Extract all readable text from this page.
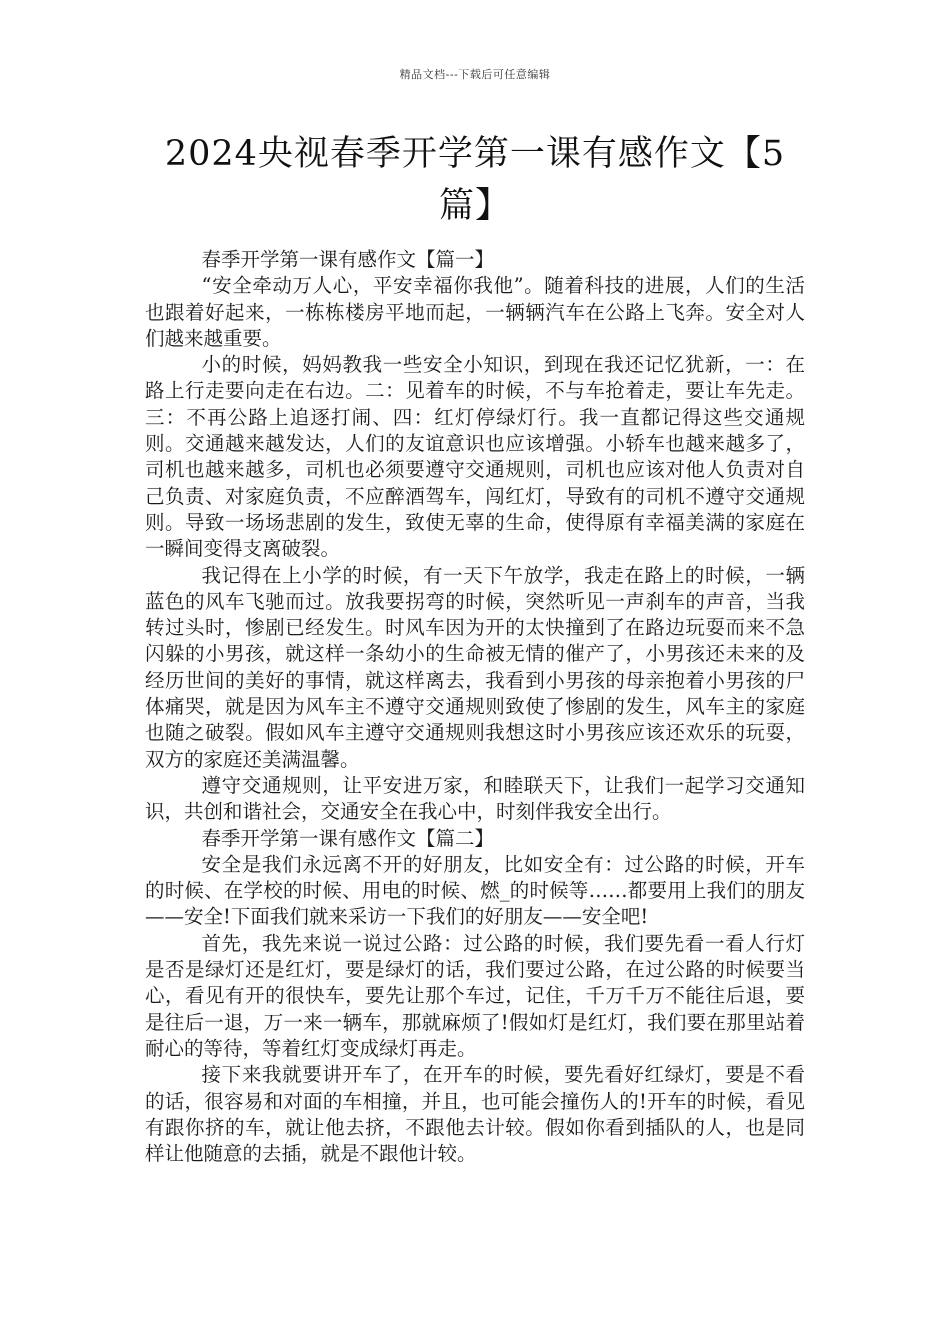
精品文档---下载后可任意编辑
2024央视春季开学第一课有感作文【5篇】

春季开学第一课有感作文【篇一】

“安全牵动万人心，平安幸福你我他”。随着科技的进展，人们的生活也跟着好起来，一栋栋楼房平地而起，一辆辆汽车在公路上飞奔。安全对人们越来越重要。

小的时候，妈妈教我一些安全小知识，到现在我还记忆犹新，一：在路上行走要向走在右边。二：见着车的时候，不与车抢着走，要让车先走。三：不再公路上追逐打闹、四：红灯停绿灯行。我一直都记得这些交通规则。交通越来越发达，人们的友谊意识也应该增强。小轿车也越来越多了，司机也越来越多，司机也必须要遵守交通规则，司机也应该对他人负责对自己负责、对家庭负责，不应醉酒驾车，闯红灯，导致有的司机不遵守交通规则。导致一场场悲剧的发生，致使无辜的生命，使得原有幸福美满的家庭在一瞬间变得支离破裂。

我记得在上小学的时候，有一天下午放学，我走在路上的时候，一辆蓝色的风车飞驰而过。放我要拐弯的时候，突然听见一声刹车的声音，当我转过头时，惨剧已经发生。时风车因为开的太快撞到了在路边玩耍而来不急闪躲的小男孩，就这样一条幼小的生命被无情的催产了，小男孩还未来的及经历世间的美好的事情，就这样离去，我看到小男孩的母亲抱着小男孩的尸体痛哭，就是因为风车主不遵守交通规则致使了惨剧的发生，风车主的家庭也随之破裂。假如风车主遵守交通规则我想这时小男孩应该还欢乐的玩耍，双方的家庭还美满温馨。

遵守交通规则，让平安进万家，和睦联天下，让我们一起学习交通知识，共创和谐社会，交通安全在我心中，时刻伴我安全出行。

春季开学第一课有感作文【篇二】

安全是我们永远离不开的好朋友，比如安全有：过公路的时候，开车的时候、在学校的时候、用电的时候、燃_的时候等……都要用上我们的朋友——安全!下面我们就来采访一下我们的好朋友——安全吧!

首先，我先来说一说过公路：过公路的时候，我们要先看一看人行灯是否是绿灯还是红灯，要是绿灯的话，我们要过公路，在过公路的时候要当心，看见有开的很快车，要先让那个车过，记住，千万千万不能往后退，要是往后一退，万一来一辆车，那就麻烦了!假如灯是红灯，我们要在那里站着耐心的等待，等着红灯变成绿灯再走。

接下来我就要讲开车了，在开车的时候，要先看好红绿灯，要是不看的话，很容易和对面的车相撞，并且，也可能会撞伤人的!开车的时候，看见有跟你挤的车，就让他去挤，不跟他去计较。假如你看到插队的人，也是同样让他随意的去插，就是不跟他计较。
